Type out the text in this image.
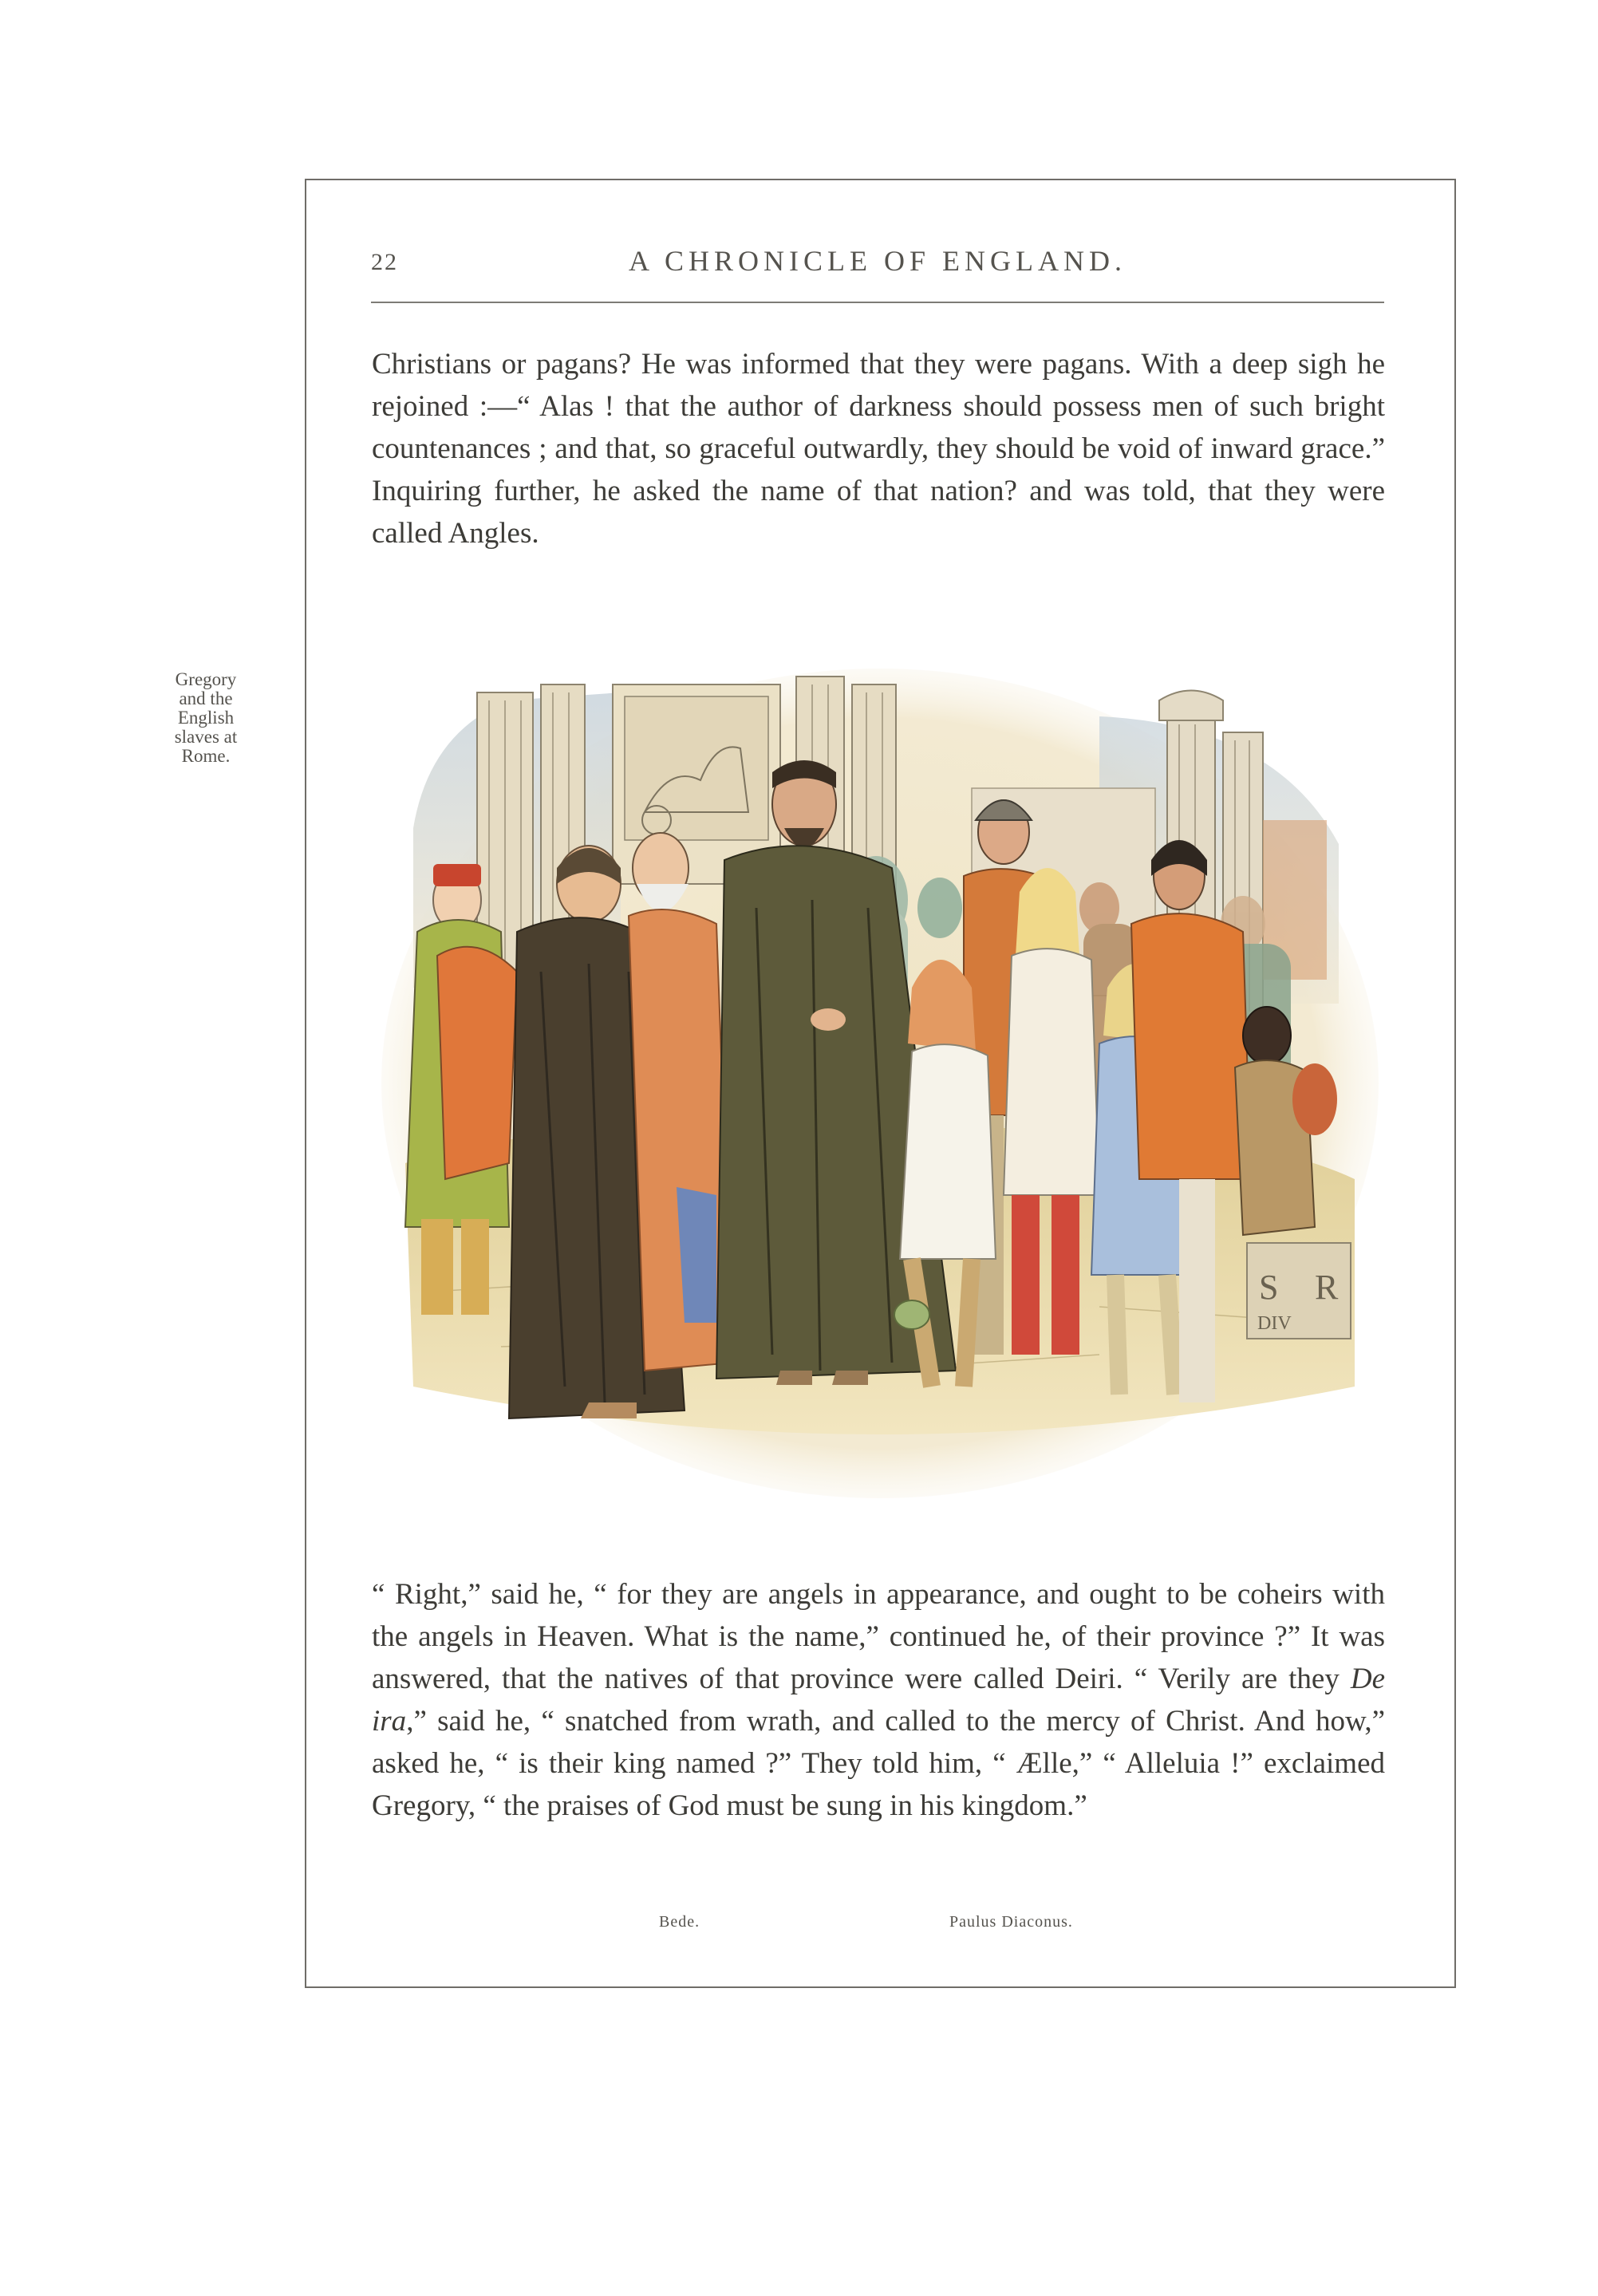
22	A CHRONICLE OF ENGLAND.

Christians or pagans? He was informed that they were pagans. With a deep sigh he rejoined :—“ Alas ! that the author of darkness should possess men of such bright countenances ; and that, so graceful outwardly, they should be void of inward grace.” Inquiring further, he asked the name of that nation? and was told, that they were called Angles.

Gregory
and the
English
slaves at
Rome.
S R
DIV

“ Right,” said he, “ for they are angels in appearance, and ought to be coheirs with the angels in Heaven. What is the name,” continued he, of their province ?” It was answered, that the natives of that province were called Deiri. “ Verily are they De ira,” said he, “ snatched from wrath, and called to the mercy of Christ. And how,” asked he, “ is their king named ?” They told him, “ Ælle,” “ Alleluia !” exclaimed Gregory, “ the praises of God must be sung in his kingdom.”

Bede.	Paulus Diaconus.
